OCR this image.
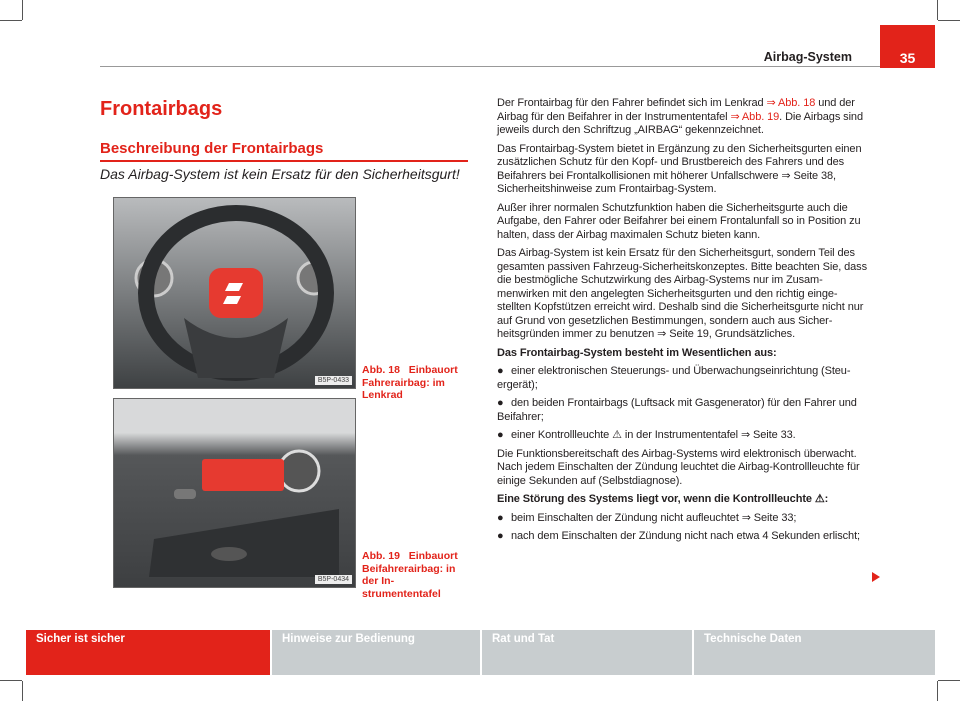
Airbag-System	35
Frontairbags
Beschreibung der Frontairbags
Das Airbag-System ist kein Ersatz für den Sicherheitsgurt!
B5P-0433
Abb. 18 Einbauort Fahrerairbag: im Lenkrad
B5P-0434
Abb. 19 Einbauort Beifahrerairbag: in der Instrumententafel

Der Frontairbag für den Fahrer befindet sich im Lenkrad ⇒ Abb. 18 und der Airbag für den Beifahrer in der Instrumententafel ⇒ Abb. 19. Die Airbags sind jeweils durch den Schriftzug „AIRBAG“ gekennzeichnet.

Das Frontairbag-System bietet in Ergänzung zu den Sicherheitsgurten einen zusätzlichen Schutz für den Kopf- und Brustbereich des Fahrers und des Beifahrers bei Frontalkollisionen mit höherer Unfallschwere ⇒ Seite 38, Sicherheitshinweise zum Frontairbag-System.

Außer ihrer normalen Schutzfunktion haben die Sicherheitsgurte auch die Aufgabe, den Fahrer oder Beifahrer bei einem Frontalunfall so in Position zu halten, dass der Airbag maximalen Schutz bieten kann.

Das Airbag-System ist kein Ersatz für den Sicherheitsgurt, sondern Teil des gesamten passiven Fahrzeug-Sicherheitskonzeptes. Bitte beachten Sie, dass die bestmögliche Schutzwirkung des Airbag-Systems nur im Zusammenwirken mit den angelegten Sicherheitsgurten und den richtig eingestellten Kopfstützen erreicht wird. Deshalb sind die Sicherheitsgurte nicht nur auf Grund von gesetzlichen Bestimmungen, sondern auch aus Sicherheitsgründen immer zu benutzen ⇒ Seite 19, Grundsätzliches.

Das Frontairbag-System besteht im Wesentlichen aus:

● einer elektronischen Steuerungs- und Überwachungseinrichtung (Steuergerät);

● den beiden Frontairbags (Luftsack mit Gasgenerator) für den Fahrer und Beifahrer;

● einer Kontrollleuchte ⚠ in der Instrumententafel ⇒ Seite 33.

Die Funktionsbereitschaft des Airbag-Systems wird elektronisch überwacht. Nach jedem Einschalten der Zündung leuchtet die Airbag-Kontrollleuchte für einige Sekunden auf (Selbstdiagnose).

Eine Störung des Systems liegt vor, wenn die Kontrollleuchte ⚠:

● beim Einschalten der Zündung nicht aufleuchtet ⇒ Seite 33;

● nach dem Einschalten der Zündung nicht nach etwa 4 Sekunden erlischt;

Sicher ist sicher	Hinweise zur Bedienung	Rat und Tat	Technische Daten
